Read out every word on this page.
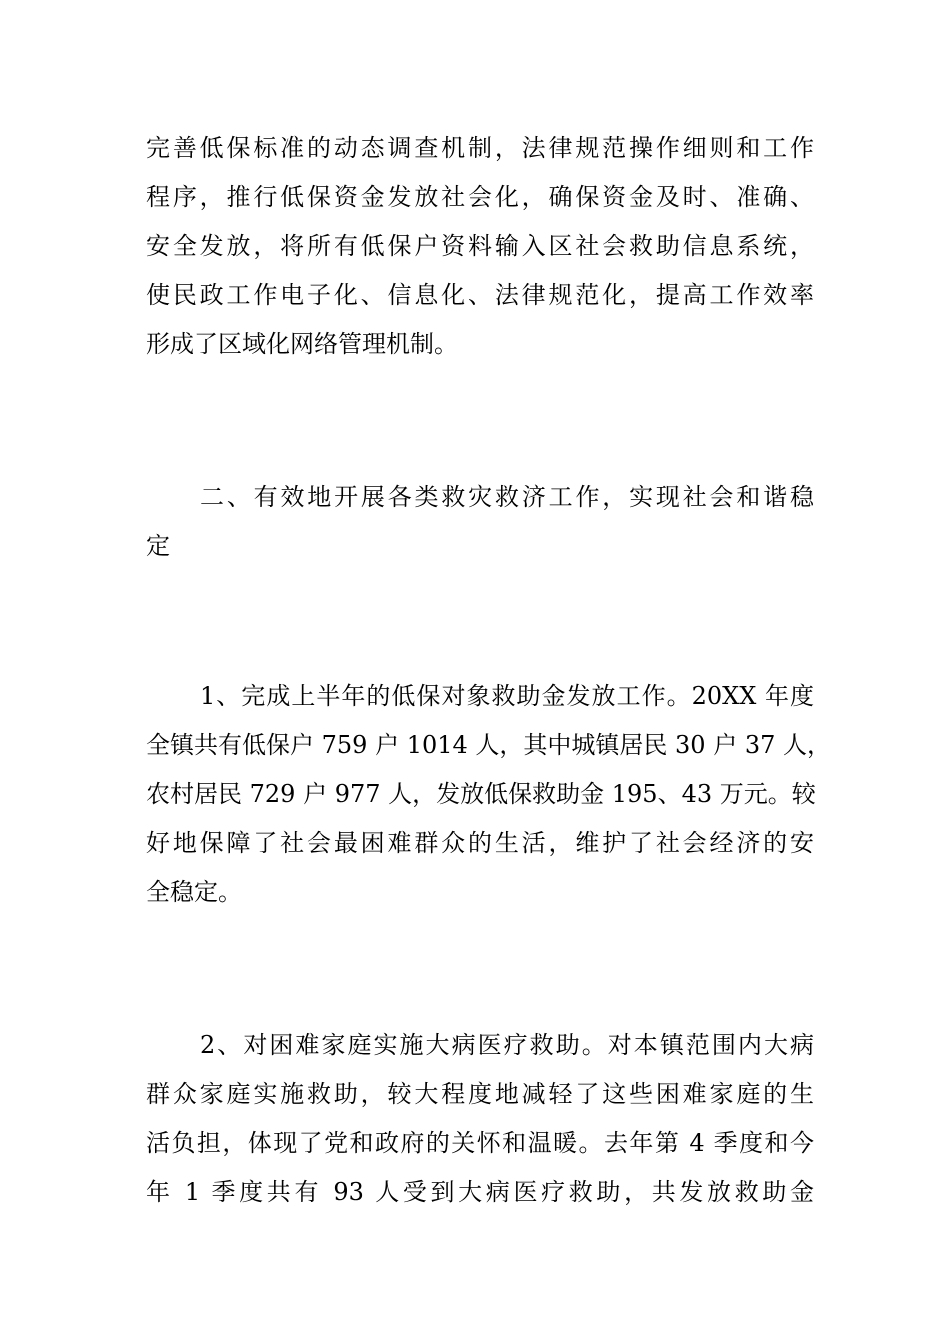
完善低保标准的动态调查机制，法律规范操作细则和工作
程序，推行低保资金发放社会化，确保资金及时、准确、
安全发放，将所有低保户资料输入区社会救助信息系统，
使民政工作电子化、信息化、法律规范化，提高工作效率
形成了区域化网络管理机制。

二、有效地开展各类救灾救济工作，实现社会和谐稳
定

1、完成上半年的低保对象救助金发放工作。20XX 年度
全镇共有低保户 759 户 1014 人，其中城镇居民 30 户 37 人，
农村居民 729 户 977 人，发放低保救助金 195、43 万元。较
好地保障了社会最困难群众的生活，维护了社会经济的安
全稳定。

2、对困难家庭实施大病医疗救助。对本镇范围内大病
群众家庭实施救助，较大程度地减轻了这些困难家庭的生
活负担，体现了党和政府的关怀和温暖。去年第 4 季度和今
年 1 季度共有 93 人受到大病医疗救助，共发放救助金
